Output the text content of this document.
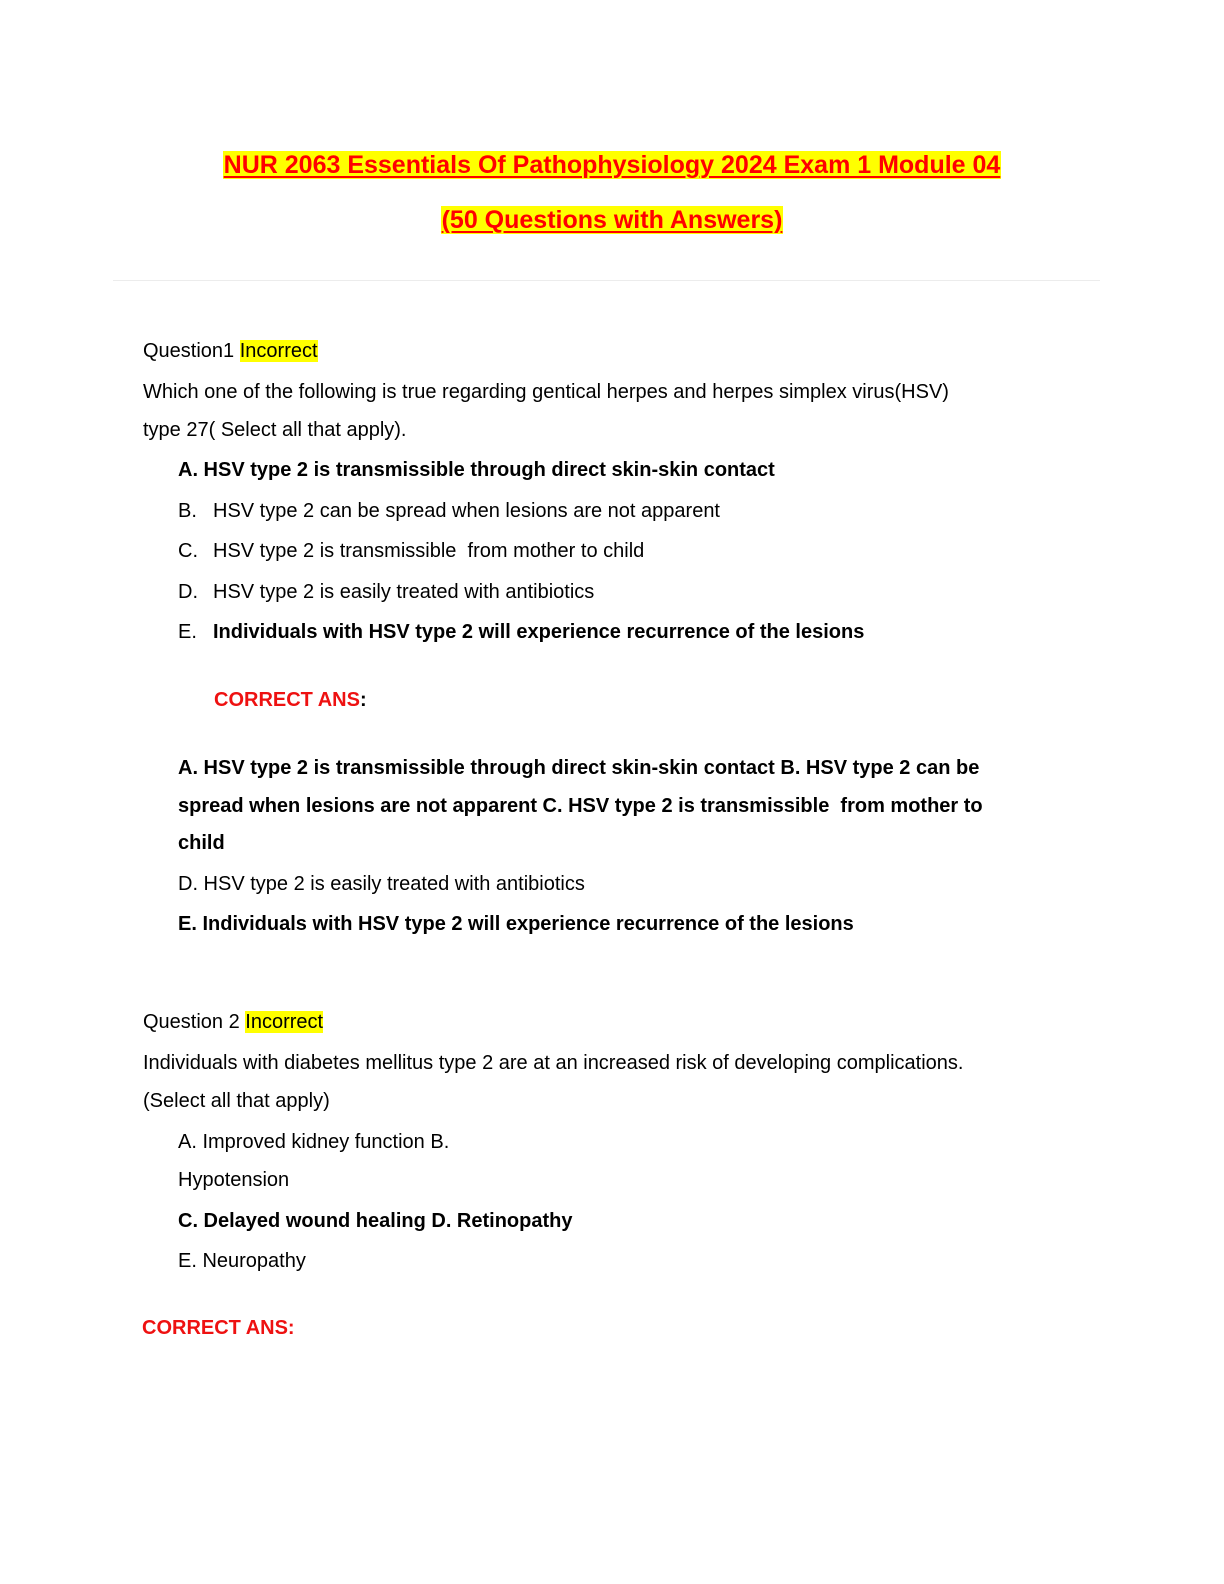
NUR 2063 Essentials Of Pathophysiology 2024 Exam 1 Module 04
(50 Questions with Answers)
Question1 Incorrect
Which one of the following is true regarding gentical herpes and herpes simplex virus(HSV)
type 27( Select all that apply).
A. HSV type 2 is transmissible through direct skin-skin contact
B. HSV type 2 can be spread when lesions are not apparent
C. HSV type 2 is transmissible  from mother to child
D. HSV type 2 is easily treated with antibiotics
E. Individuals with HSV type 2 will experience recurrence of the lesions
CORRECT ANS:
A. HSV type 2 is transmissible through direct skin-skin contact B. HSV type 2 can be
spread when lesions are not apparent C. HSV type 2 is transmissible  from mother to
child
D. HSV type 2 is easily treated with antibiotics
E. Individuals with HSV type 2 will experience recurrence of the lesions
Question 2 Incorrect
Individuals with diabetes mellitus type 2 are at an increased risk of developing complications.
(Select all that apply)
A. Improved kidney function B.
Hypotension
C. Delayed wound healing D. Retinopathy
E. Neuropathy
CORRECT ANS:
